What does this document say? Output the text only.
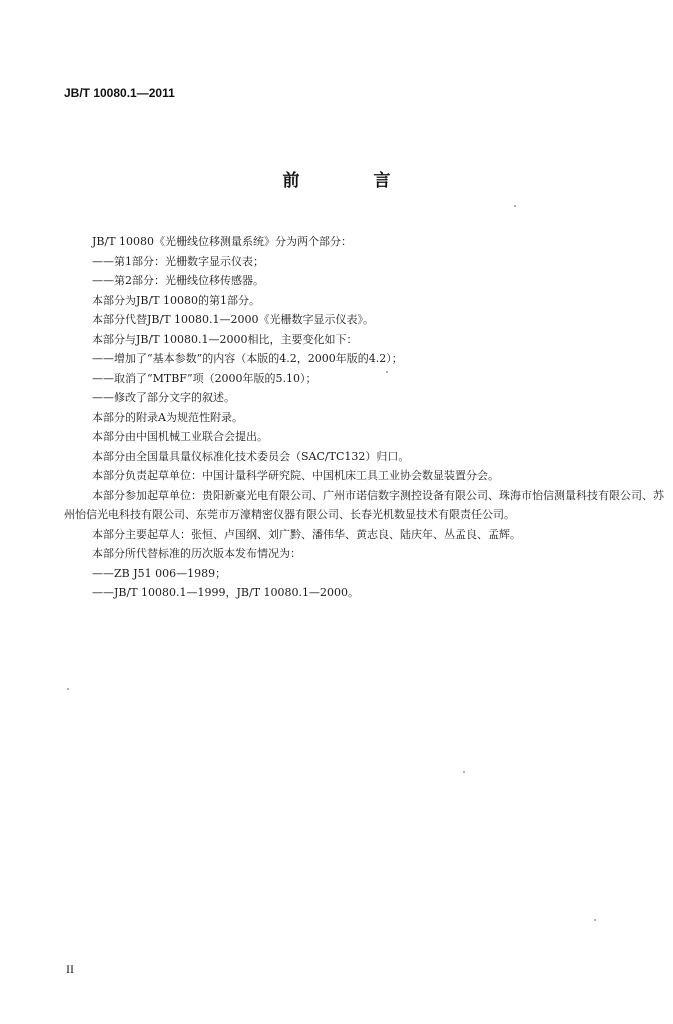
JB/T 10080.1—2011
前 言

JB/T 10080《光栅线位移测量系统》分为两个部分：

——第1部分：光栅数字显示仪表；

——第2部分：光栅线位移传感器。

本部分为JB/T 10080的第1部分。

本部分代替JB/T 10080.1—2000《光栅数字显示仪表》。

本部分与JB/T 10080.1—2000相比，主要变化如下：

——增加了“基本参数”的内容（本版的4.2，2000年版的4.2）；

——取消了“MTBF”项（2000年版的5.10）；

——修改了部分文字的叙述。

本部分的附录A为规范性附录。

本部分由中国机械工业联合会提出。

本部分由全国量具量仪标准化技术委员会（SAC/TC132）归口。

本部分负责起草单位：中国计量科学研究院、中国机床工具工业协会数显装置分会。

本部分参加起草单位：贵阳新豪光电有限公司、广州市诺信数字测控设备有限公司、珠海市怡信测量科技有限公司、苏州怡信光电科技有限公司、东莞市万濠精密仪器有限公司、长春光机数显技术有限责任公司。

本部分主要起草人：张恒、卢国纲、刘广黔、潘伟华、黄志良、陆庆年、丛孟良、孟辉。

本部分所代替标准的历次版本发布情况为：

——ZB J51 006—1989；

——JB/T 10080.1—1999，JB/T 10080.1—2000。

II
